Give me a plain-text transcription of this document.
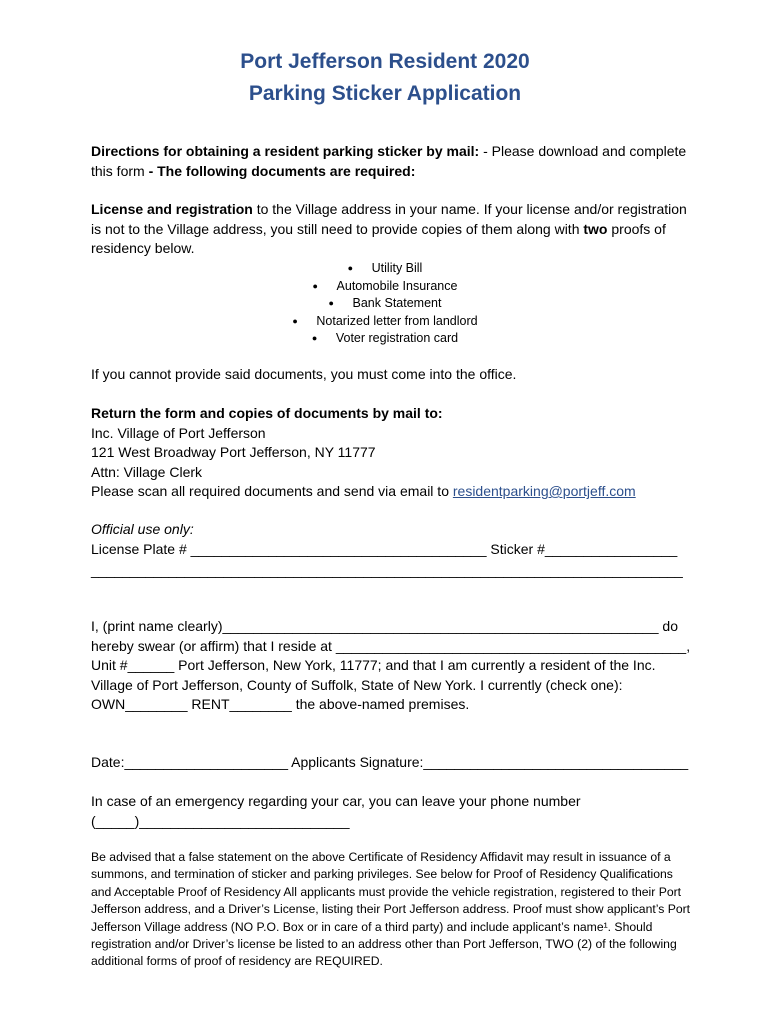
Port Jefferson Resident 2020
Parking Sticker Application

Directions for obtaining a resident parking sticker by mail: - Please download and complete this form - The following documents are required:

License and registration to the Village address in your name. If your license and/or registration is not to the Village address, you still need to provide copies of them along with two proofs of residency below.

● Utility Bill
● Automobile Insurance
● Bank Statement
● Notarized letter from landlord
● Voter registration card

If you cannot provide said documents, you must come into the office.

Return the form and copies of documents by mail to:
Inc. Village of Port Jefferson
121 West Broadway Port Jefferson, NY 11777
Attn: Village Clerk
Please scan all required documents and send via email to residentparking@portjeff.com
Official use only:
License Plate # ______________________________________ Sticker #_________________
____________________________________________________________________________
I, (print name clearly)________________________________________________________ do
hereby swear (or affirm) that I reside at _____________________________________________,
Unit #______ Port Jefferson, New York, 11777; and that I am currently a resident of the Inc.
Village of Port Jefferson, County of Suffolk, State of New York. I currently (check one):
OWN________ RENT________ the above-named premises.
Date:_____________________ Applicants Signature:__________________________________
In case of an emergency regarding your car, you can leave your phone number
(_____)___________________________

Be advised that a false statement on the above Certificate of Residency Affidavit may result in issuance of a summons, and termination of sticker and parking privileges. See below for Proof of Residency Qualifications and Acceptable Proof of Residency All applicants must provide the vehicle registration, registered to their Port Jefferson address, and a Driver’s License, listing their Port Jefferson address. Proof must show applicant’s Port Jefferson Village address (NO P.O. Box or in care of a third party) and include applicant’s name¹. Should registration and/or Driver’s license be listed to an address other than Port Jefferson, TWO (2) of the following additional forms of proof of residency are REQUIRED.
